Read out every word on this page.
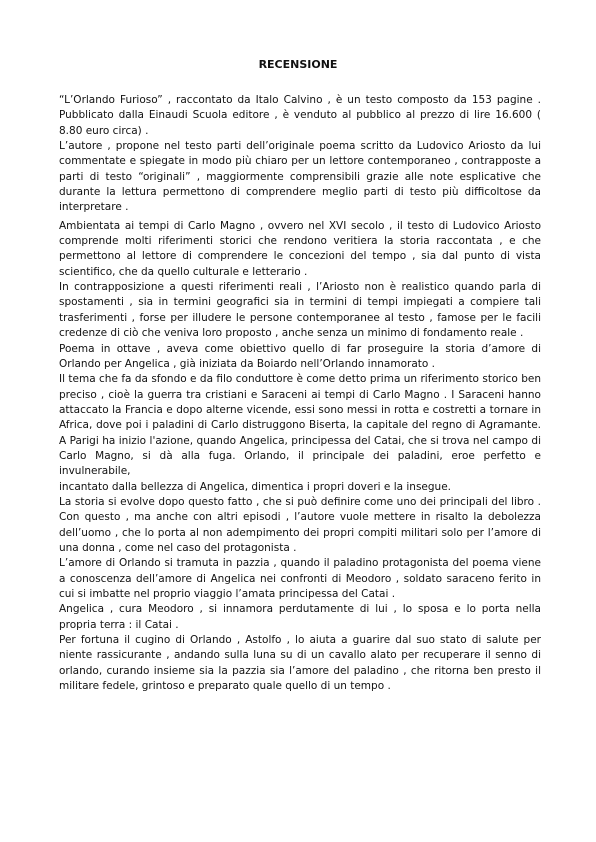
RECENSIONE

“L’Orlando Furioso” , raccontato da Italo Calvino , è un testo composto da 153 pagine . Pubblicato dalla Einaudi Scuola editore , è venduto al pubblico al prezzo di lire 16.600 ( 8.80 euro circa) .

L’autore , propone nel testo parti dell’originale poema scritto da Ludovico Ariosto da lui commentate e spiegate in modo più chiaro per un lettore contemporaneo , contrapposte a parti di testo “originali” , maggiormente comprensibili grazie alle note esplicative che durante la lettura permettono di comprendere meglio parti di testo più difficoltose da interpretare .

Ambientata ai tempi di Carlo Magno , ovvero nel XVI secolo , il testo di Ludovico Ariosto comprende molti riferimenti storici che rendono veritiera la storia raccontata , e che permettono al lettore di comprendere le concezioni del tempo , sia dal punto di vista scientifico, che da quello culturale e letterario .

In contrapposizione a questi riferimenti reali , l’Ariosto non è realistico quando parla di spostamenti , sia in termini geografici sia in termini di tempi impiegati a compiere tali trasferimenti , forse per illudere le persone contemporanee al testo , famose per le facili credenze di ciò che veniva loro proposto , anche senza un minimo di fondamento reale .

Poema in ottave , aveva come obiettivo quello di far proseguire la storia d’amore di Orlando per Angelica , già iniziata da Boiardo nell’Orlando innamorato .

Il tema che fa da sfondo e da filo conduttore è come detto prima un riferimento storico ben preciso , cioè la guerra tra cristiani e Saraceni ai tempi di Carlo Magno . I Saraceni hanno attaccato la Francia e dopo alterne vicende, essi sono messi in rotta e costretti a tornare in Africa, dove poi i paladini di Carlo distruggono Biserta, la capitale del regno di Agramante. A Parigi ha inizio l'azione, quando Angelica, principessa del Catai, che si trova nel campo di Carlo Magno, si dà alla fuga. Orlando, il principale dei paladini, eroe perfetto e invulnerabile,

incantato dalla bellezza di Angelica, dimentica i propri doveri e la insegue.

La storia si evolve dopo questo fatto , che si può definire come uno dei principali del libro . Con questo , ma anche con altri episodi , l’autore vuole mettere in risalto la debolezza dell’uomo , che lo porta al non adempimento dei propri compiti militari solo per l’amore di una donna , come nel caso del protagonista .

L’amore di Orlando si tramuta in pazzia , quando il paladino protagonista del poema viene a conoscenza dell’amore di Angelica nei confronti di Meodoro , soldato saraceno ferito in cui si imbatte nel proprio viaggio l’amata principessa del Catai .

Angelica , cura Meodoro , si innamora perdutamente di lui , lo sposa e lo porta nella propria terra : il Catai .

Per fortuna il cugino di Orlando , Astolfo , lo aiuta a guarire dal suo stato di salute per niente rassicurante , andando sulla luna su di un cavallo alato per recuperare il senno di orlando, curando insieme sia la pazzia sia l’amore del paladino , che ritorna ben presto il militare fedele, grintoso e preparato quale quello di un tempo .
